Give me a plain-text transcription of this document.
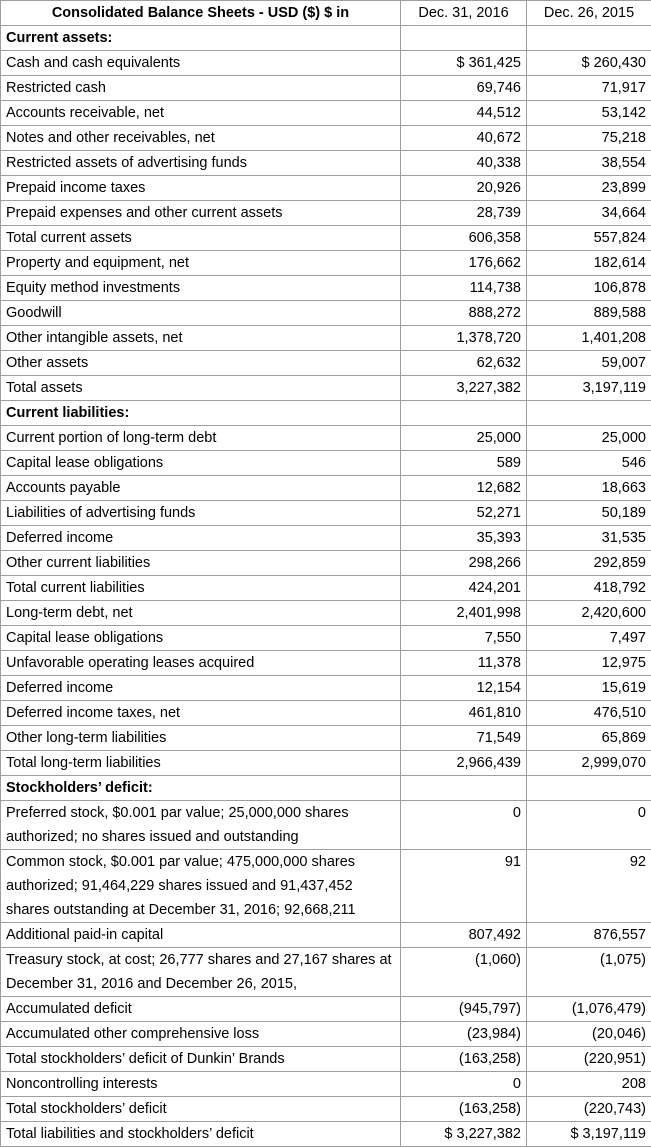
Consolidated Balance Sheets - USD ($) $ in	Dec. 31, 2016	Dec. 26, 2015
Current assets:		
Cash and cash equivalents	$ 361,425	$ 260,430
Restricted cash	69,746	71,917
Accounts receivable, net	44,512	53,142
Notes and other receivables, net	40,672	75,218
Restricted assets of advertising funds	40,338	38,554
Prepaid income taxes	20,926	23,899
Prepaid expenses and other current assets	28,739	34,664
Total current assets	606,358	557,824
Property and equipment, net	176,662	182,614
Equity method investments	114,738	106,878
Goodwill	888,272	889,588
Other intangible assets, net	1,378,720	1,401,208
Other assets	62,632	59,007
Total assets	3,227,382	3,197,119
Current liabilities:		
Current portion of long-term debt	25,000	25,000
Capital lease obligations	589	546
Accounts payable	12,682	18,663
Liabilities of advertising funds	52,271	50,189
Deferred income	35,393	31,535
Other current liabilities	298,266	292,859
Total current liabilities	424,201	418,792
Long-term debt, net	2,401,998	2,420,600
Capital lease obligations	7,550	7,497
Unfavorable operating leases acquired	11,378	12,975
Deferred income	12,154	15,619
Deferred income taxes, net	461,810	476,510
Other long-term liabilities	71,549	65,869
Total long-term liabilities	2,966,439	2,999,070
Stockholders’ deficit:		
Preferred stock, $0.001 par value; 25,000,000 shares authorized; no shares issued and outstanding	0	0
Common stock, $0.001 par value; 475,000,000 shares authorized; 91,464,229 shares issued and 91,437,452 shares outstanding at December 31, 2016; 92,668,211	91	92
Additional paid-in capital	807,492	876,557
Treasury stock, at cost; 26,777 shares and 27,167 shares at December 31, 2016 and December 26, 2015,	(1,060)	(1,075)
Accumulated deficit	(945,797)	(1,076,479)
Accumulated other comprehensive loss	(23,984)	(20,046)
Total stockholders’ deficit of Dunkin’ Brands	(163,258)	(220,951)
Noncontrolling interests	0	208
Total stockholders’ deficit	(163,258)	(220,743)
Total liabilities and stockholders’ deficit	$ 3,227,382	$ 3,197,119
